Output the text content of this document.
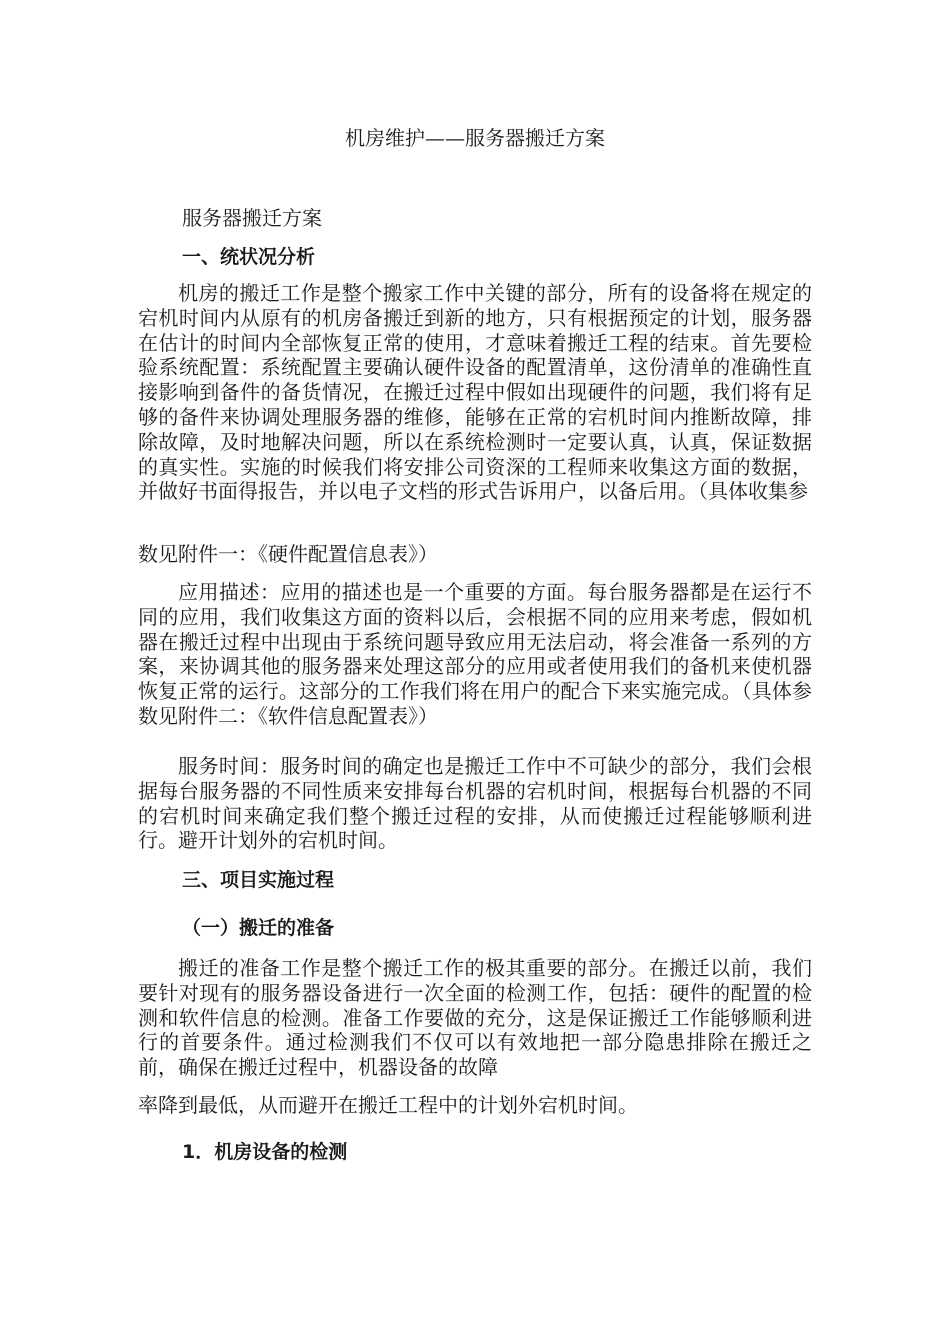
机房维护——服务器搬迁方案
服务器搬迁方案
一、统状况分析

机房的搬迁工作是整个搬家工作中关键的部分，所有的设备将在规定的宕机时间内从原有的机房备搬迁到新的地方，只有根据预定的计划，服务器在估计的时间内全部恢复正常的使用，才意味着搬迁工程的结束。首先要检验系统配置：系统配置主要确认硬件设备的配置清单，这份清单的准确性直接影响到备件的备货情况，在搬迁过程中假如出现硬件的问题，我们将有足够的备件来协调处理服务器的维修，能够在正常的宕机时间内推断故障，排除故障，及时地解决问题，所以在系统检测时一定要认真，认真，保证数据的真实性。实施的时候我们将安排公司资深的工程师来收集这方面的数据，并做好书面得报告，并以电子文档的形式告诉用户，以备后用。（具体收集参

数见附件一：《硬件配置信息表》）

应用描述：应用的描述也是一个重要的方面。每台服务器都是在运行不同的应用，我们收集这方面的资料以后，会根据不同的应用来考虑，假如机器在搬迁过程中出现由于系统问题导致应用无法启动，将会准备一系列的方案，来协调其他的服务器来处理这部分的应用或者使用我们的备机来使机器恢复正常的运行。这部分的工作我们将在用户的配合下来实施完成。（具体参数见附件二：《软件信息配置表》）

服务时间：服务时间的确定也是搬迁工作中不可缺少的部分，我们会根据每台服务器的不同性质来安排每台机器的宕机时间，根据每台机器的不同的宕机时间来确定我们整个搬迁过程的安排，从而使搬迁过程能够顺利进行。避开计划外的宕机时间。

三、项目实施过程
（一）搬迁的准备

搬迁的准备工作是整个搬迁工作的极其重要的部分。在搬迁以前，我们要针对现有的服务器设备进行一次全面的检测工作，包括：硬件的配置的检测和软件信息的检测。准备工作要做的充分，这是保证搬迁工作能够顺利进行的首要条件。通过检测我们不仅可以有效地把一部分隐患排除在搬迁之前，确保在搬迁过程中，机器设备的故障

率降到最低，从而避开在搬迁工程中的计划外宕机时间。
1．机房设备的检测
